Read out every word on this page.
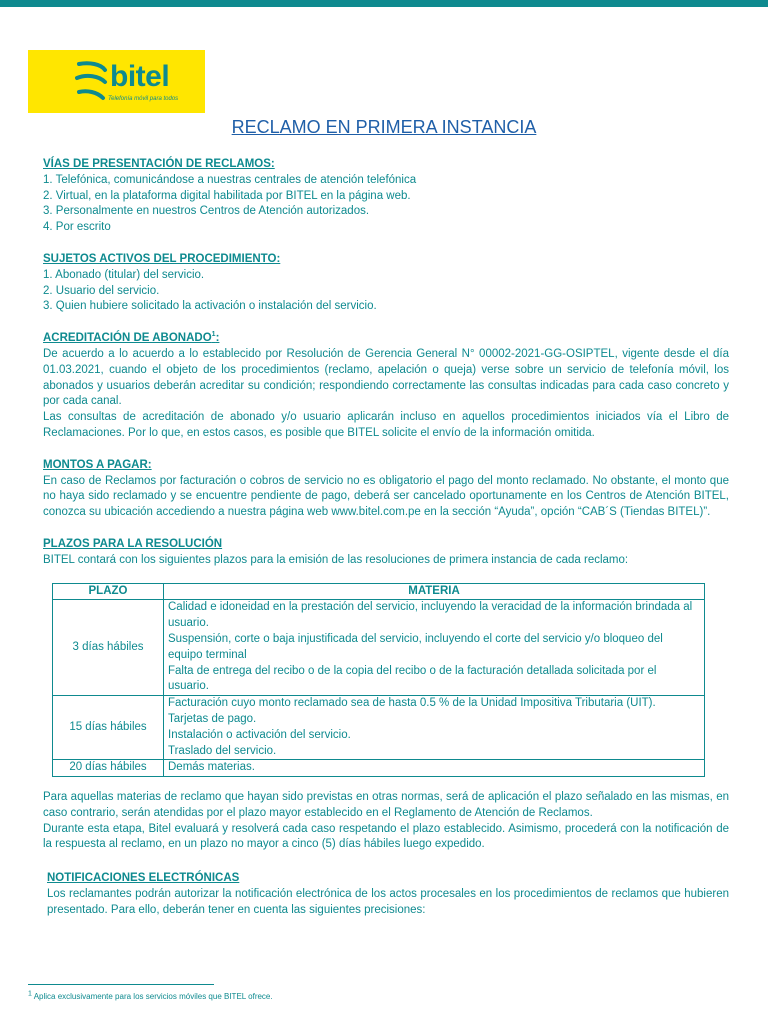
bitel
Telefonía móvil para todos
RECLAMO EN PRIMERA INSTANCIA

VÍAS DE PRESENTACIÓN DE RECLAMOS:

1. Telefónica, comunicándose a nuestras centrales de atención telefónica

2. Virtual, en la plataforma digital habilitada por BITEL en la página web.

3. Personalmente en nuestros Centros de Atención autorizados.

4. Por escrito

SUJETOS ACTIVOS DEL PROCEDIMIENTO:

1. Abonado (titular) del servicio.

2. Usuario del servicio.

3. Quien hubiere solicitado la activación o instalación del servicio.

ACREDITACIÓN DE ABONADO$^1$:

De acuerdo a lo acuerdo a lo establecido por Resolución de Gerencia General N° 00002-2021-GG-OSIPTEL, vigente desde el día 01.03.2021, cuando el objeto de los procedimientos (reclamo, apelación o queja) verse sobre un servicio de telefonía móvil, los abonados y usuarios deberán acreditar su condición; respondiendo correctamente las consultas indicadas para cada caso concreto y por cada canal.

Las consultas de acreditación de abonado y/o usuario aplicarán incluso en aquellos procedimientos iniciados vía el Libro de Reclamaciones. Por lo que, en estos casos, es posible que BITEL solicite el envío de la información omitida.

MONTOS A PAGAR:

En caso de Reclamos por facturación o cobros de servicio no es obligatorio el pago del monto reclamado. No obstante, el monto que no haya sido reclamado y se encuentre pendiente de pago, deberá ser cancelado oportunamente en los Centros de Atención BITEL, conozca su ubicación accediendo a nuestra página web www.bitel.com.pe en la sección “Ayuda”, opción “CAB´S (Tiendas BITEL)”.

PLAZOS PARA LA RESOLUCIÓN

BITEL contará con los siguientes plazos para la emisión de las resoluciones de primera instancia de cada reclamo:

PLAZO	MATERIA
3 días hábiles	Calidad e idoneidad en la prestación del servicio, incluyendo la veracidad de la información brindada al usuario.
Suspensión, corte o baja injustificada del servicio, incluyendo el corte del servicio y/o bloqueo del equipo terminal
Falta de entrega del recibo o de la copia del recibo o de la facturación detallada solicitada por el usuario.

15 días hábiles	Facturación cuyo monto reclamado sea de hasta 0.5 % de la Unidad Impositiva Tributaria (UIT).
Tarjetas de pago.
Instalación o activación del servicio.
Traslado del servicio.

20 días hábiles	Demás materias.

Para aquellas materias de reclamo que hayan sido previstas en otras normas, será de aplicación el plazo señalado en las mismas, en caso contrario, serán atendidas por el plazo mayor establecido en el Reglamento de Atención de Reclamos.

Durante esta etapa, Bitel evaluará y resolverá cada caso respetando el plazo establecido. Asimismo, procederá con la notificación de la respuesta al reclamo, en un plazo no mayor a cinco (5) días hábiles luego expedido.

NOTIFICACIONES ELECTRÓNICAS

Los reclamantes podrán autorizar la notificación electrónica de los actos procesales en los procedimientos de reclamos que hubieren presentado. Para ello, deberán tener en cuenta las siguientes precisiones:

$^1$ Aplica exclusivamente para los servicios móviles que BITEL ofrece.
